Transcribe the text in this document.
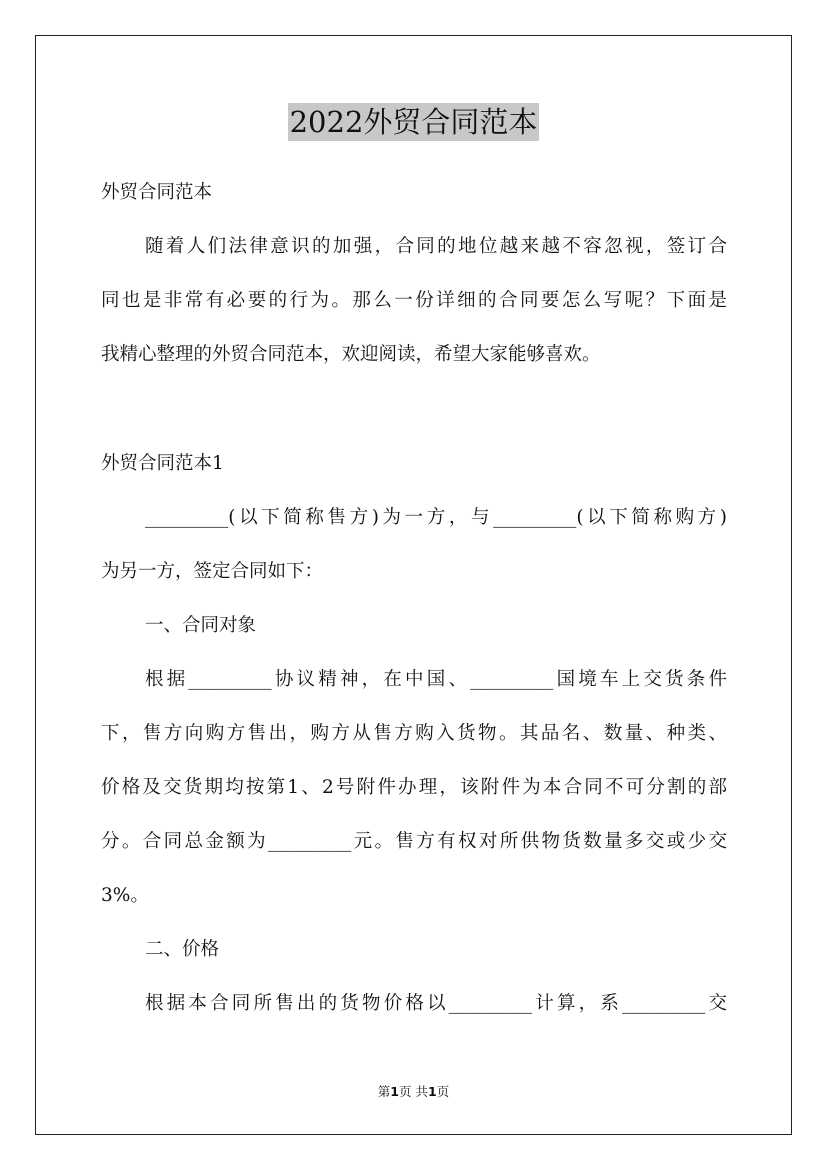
2022外贸合同范本
外贸合同范本
随着人们法律意识的加强，合同的地位越来越不容忽视，签订合
同也是非常有必要的行为。那么一份详细的合同要怎么写呢？下面是
我精心整理的外贸合同范本，欢迎阅读，希望大家能够喜欢。
外贸合同范本1
_________(以下简称售方)为一方，与_________(以下简称购方)
为另一方，签定合同如下：
一、合同对象
根据_________协议精神，在中国、_________国境车上交货条件
下，售方向购方售出，购方从售方购入货物。其品名、数量、种类、
价格及交货期均按第1、2号附件办理，该附件为本合同不可分割的部
分。合同总金额为_________元。售方有权对所供物货数量多交或少交
3%。
二、价格
根据本合同所售出的货物价格以_________计算，系_________交
第1页 共1页
